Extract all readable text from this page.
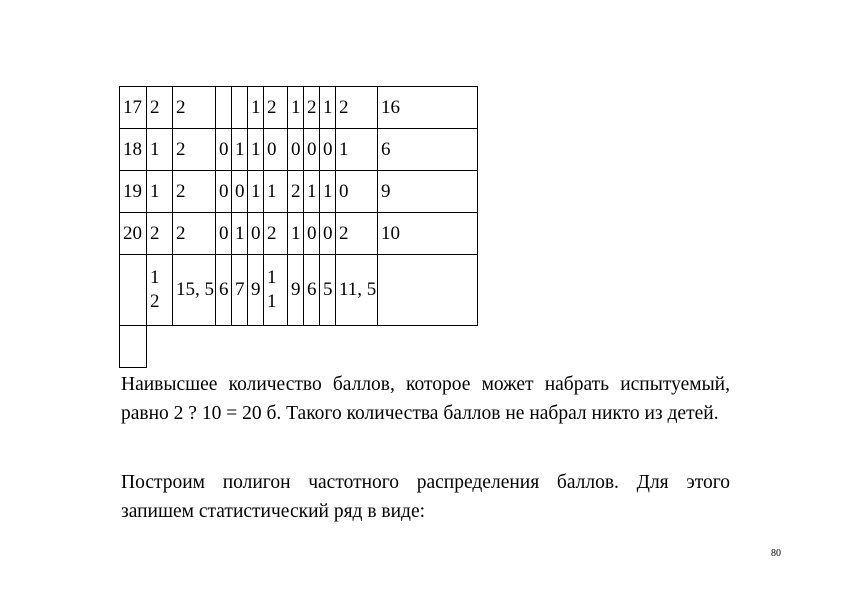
17	2	2			1	2	1	2	1	2	16	
18	1	2	0	1	1	0	0	0	0	1	6	
19	1	2	0	0	1	1	2	1	1	0	9	
20	2	2	0	1	0	2	1	0	0	2	10	
	1 2	15, 5	6	7	9	1 1	9	6	5	11, 5		

Наивысшее количество баллов, которое может набрать испытуемый, равно 2 ? 10 = 20 б. Такого количества баллов не набрал никто из детей.

Построим полигон частотного распределения баллов. Для этого запишем статистический ряд в виде:

80
